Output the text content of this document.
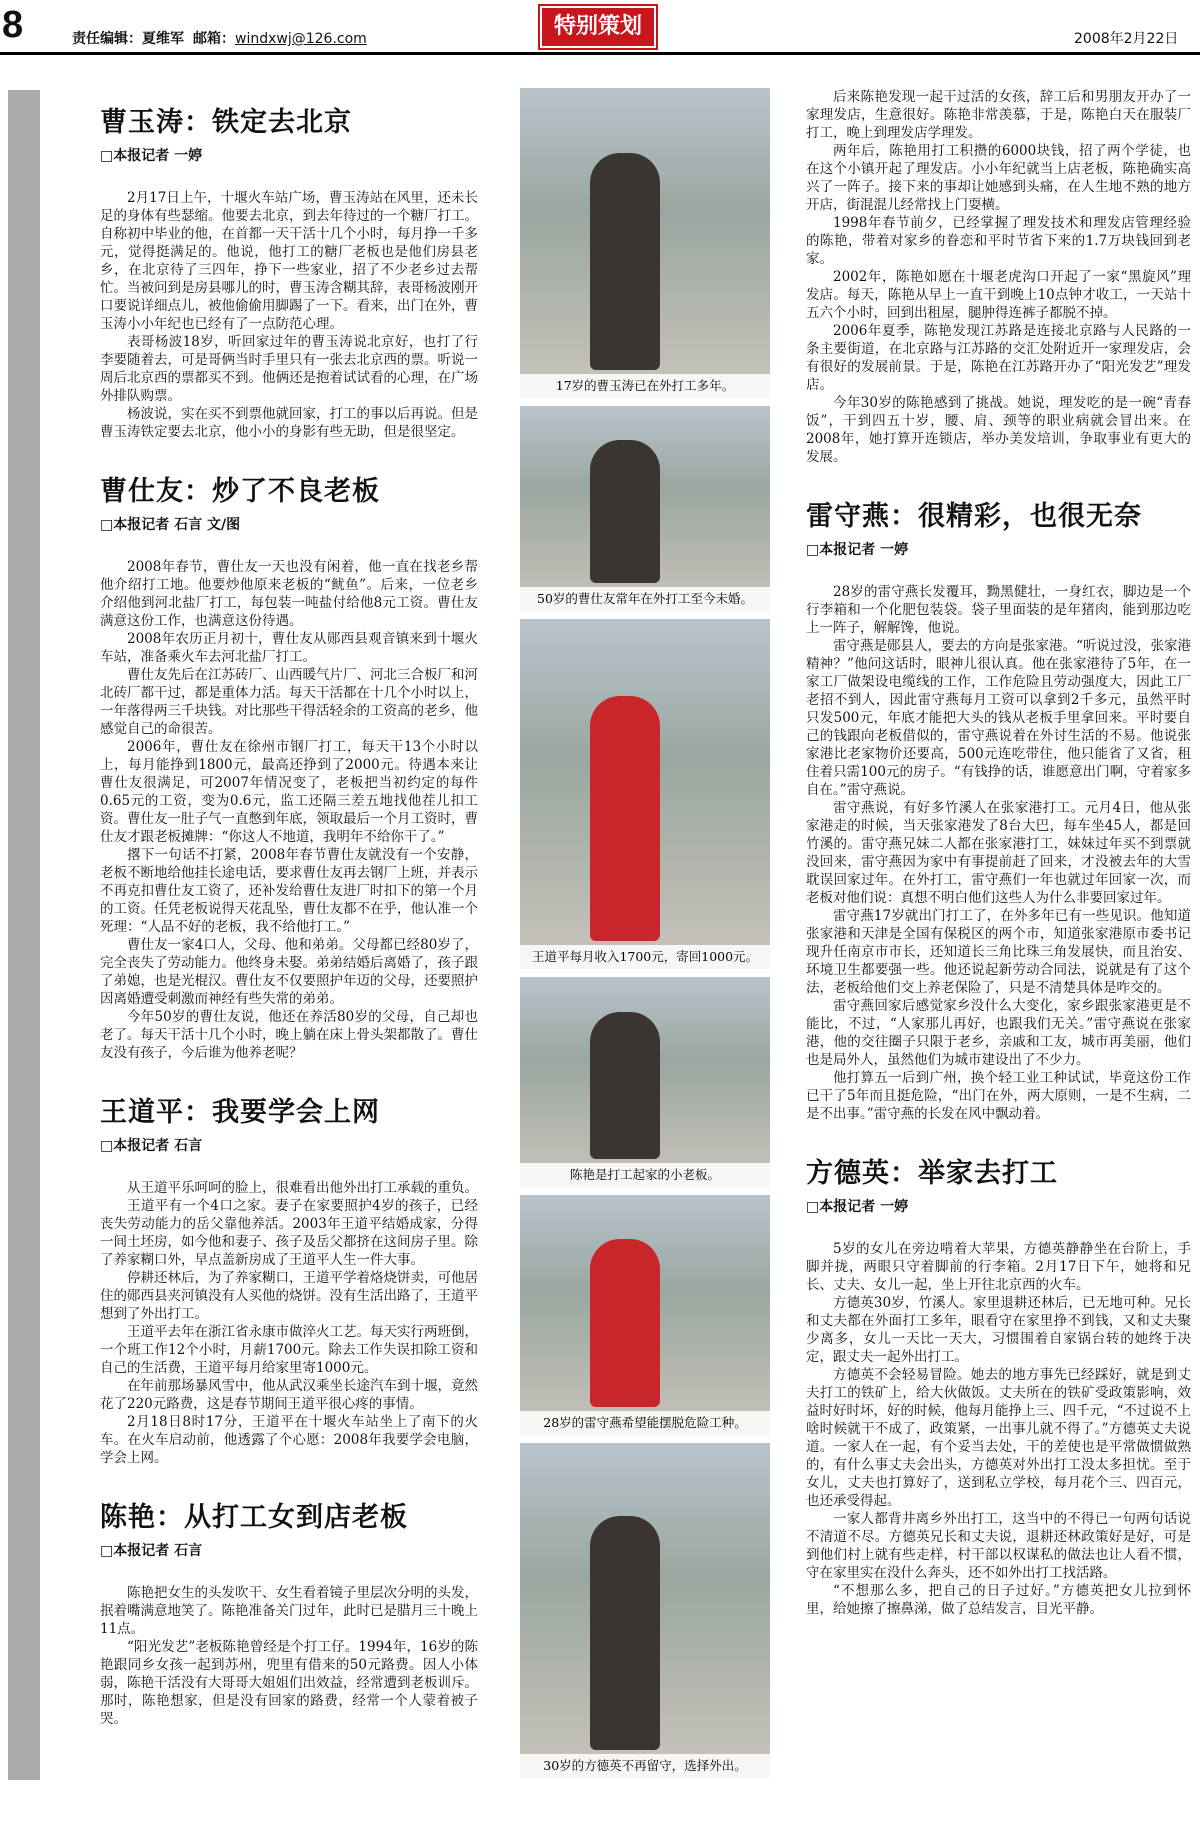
8	责任编辑：夏维军 邮箱：windxwj@126.com	特别策划	2008年2月22日
曹玉涛：铁定去北京
□本报记者 一婷

2月17日上午，十堰火车站广场，曹玉涛站在风里，还未长足的身体有些瑟缩。他要去北京，到去年待过的一个糖厂打工。自称初中毕业的他，在首都一天干活十几个小时，每月挣一千多元，觉得挺满足的。他说，他打工的糖厂老板也是他们房县老乡，在北京待了三四年，挣下一些家业，招了不少老乡过去帮忙。当被问到是房县哪儿的时，曹玉涛含糊其辞，表哥杨波刚开口要说详细点儿，被他偷偷用脚踢了一下。看来，出门在外，曹玉涛小小年纪也已经有了一点防范心理。

表哥杨波18岁，听回家过年的曹玉涛说北京好，也打了行李要随着去，可是哥俩当时手里只有一张去北京西的票。听说一周后北京西的票都买不到。他俩还是抱着试试看的心理，在广场外排队购票。

杨波说，实在买不到票他就回家，打工的事以后再说。但是曹玉涛铁定要去北京，他小小的身影有些无助，但是很坚定。

曹仕友：炒了不良老板
□本报记者 石言 文/图

2008年春节，曹仕友一天也没有闲着，他一直在找老乡帮他介绍打工地。他要炒他原来老板的“鱿鱼”。后来，一位老乡介绍他到河北盐厂打工，每包装一吨盐付给他8元工资。曹仕友满意这份工作，也满意这份待遇。

2008年农历正月初十，曹仕友从郧西县观音镇来到十堰火车站，准备乘火车去河北盐厂打工。

曹仕友先后在江苏砖厂、山西暖气片厂、河北三合板厂和河北砖厂都干过，都是重体力活。每天干活都在十几个小时以上，一年落得两三千块钱。对比那些干得活轻余的工资高的老乡，他感觉自己的命很苦。

2006年，曹仕友在徐州市钢厂打工，每天干13个小时以上，每月能挣到1800元，最高还挣到了2000元。待遇本来让曹仕友很满足，可2007年情况变了，老板把当初约定的每件0.65元的工资，变为0.6元，监工还隔三差五地找他茬儿扣工资。曹仕友一肚子气一直憋到年底，领取最后一个月工资时，曹仕友才跟老板摊牌：“你这人不地道，我明年不给你干了。”

撂下一句话不打紧，2008年春节曹仕友就没有一个安静，老板不断地给他挂长途电话，要求曹仕友再去钢厂上班，并表示不再克扣曹仕友工资了，还补发给曹仕友进厂时扣下的第一个月的工资。任凭老板说得天花乱坠，曹仕友都不在乎，他认准一个死理：“人品不好的老板，我不给他打工。”

曹仕友一家4口人，父母、他和弟弟。父母都已经80岁了，完全丧失了劳动能力。他终身未娶。弟弟结婚后离婚了，孩子跟了弟媳，也是光棍汉。曹仕友不仅要照护年迈的父母，还要照护因离婚遭受刺激而神经有些失常的弟弟。

今年50岁的曹仕友说，他还在养活80岁的父母，自己却也老了。每天干活十几个小时，晚上躺在床上骨头架都散了。曹仕友没有孩子，今后谁为他养老呢？

王道平：我要学会上网
□本报记者 石言

从王道平乐呵呵的脸上，很难看出他外出打工承载的重负。

王道平有一个4口之家。妻子在家要照护4岁的孩子，已经丧失劳动能力的岳父靠他养活。2003年王道平结婚成家，分得一间土坯房，如今他和妻子、孩子及岳父都挤在这间房子里。除了养家糊口外，早点盖新房成了王道平人生一件大事。

停耕还林后，为了养家糊口，王道平学着烙烧饼卖，可他居住的郧西县夹河镇没有人买他的烧饼。没有生活出路了，王道平想到了外出打工。

王道平去年在浙江省永康市做淬火工艺。每天实行两班倒，一个班工作12个小时，月薪1700元。除去工作失误扣除工资和自己的生活费，王道平每月给家里寄1000元。

在年前那场暴风雪中，他从武汉乘坐长途汽车到十堰，竟然花了220元路费，这是春节期间王道平很心疼的事情。

2月18日8时17分，王道平在十堰火车站坐上了南下的火车。在火车启动前，他透露了个心愿：2008年我要学会电脑，学会上网。

陈艳：从打工女到店老板
□本报记者 石言

陈艳把女生的头发吹干、女生看着镜子里层次分明的头发，抿着嘴满意地笑了。陈艳准备关门过年，此时已是腊月三十晚上11点。

“阳光发艺”老板陈艳曾经是个打工仔。1994年，16岁的陈艳跟同乡女孩一起到苏州，兜里有借来的50元路费。因人小体弱，陈艳干活没有大哥哥大姐姐们出效益，经常遭到老板训斥。那时，陈艳想家，但是没有回家的路费，经常一个人蒙着被子哭。

17岁的曹玉涛已在外打工多年。
50岁的曹仕友常年在外打工至今未婚。
王道平每月收入1700元，寄回1000元。
陈艳是打工起家的小老板。
28岁的雷守燕希望能摆脱危险工种。
30岁的方德英不再留守，选择外出。

后来陈艳发现一起干过活的女孩，辞工后和男朋友开办了一家理发店，生意很好。陈艳非常羡慕，于是，陈艳白天在服装厂打工，晚上到理发店学理发。

两年后，陈艳用打工积攒的6000块钱，招了两个学徒，也在这个小镇开起了理发店。小小年纪就当上店老板，陈艳确实高兴了一阵子。接下来的事却让她感到头痛，在人生地不熟的地方开店，街混混儿经常找上门耍横。

1998年春节前夕，已经掌握了理发技术和理发店管理经验的陈艳，带着对家乡的眷恋和平时节省下来的1.7万块钱回到老家。

2002年，陈艳如愿在十堰老虎沟口开起了一家“黑旋风”理发店。每天，陈艳从早上一直干到晚上10点钟才收工，一天站十五六个小时，回到出租屋，腿肿得连裤子都脱不掉。

2006年夏季，陈艳发现江苏路是连接北京路与人民路的一条主要街道，在北京路与江苏路的交汇处附近开一家理发店，会有很好的发展前景。于是，陈艳在江苏路开办了“阳光发艺”理发店。

今年30岁的陈艳感到了挑战。她说，理发吃的是一碗“青春饭”，干到四五十岁，腰、肩、颈等的职业病就会冒出来。在2008年，她打算开连锁店，举办美发培训，争取事业有更大的发展。

雷守燕：很精彩，也很无奈
□本报记者 一婷

28岁的雷守燕长发覆耳，黝黑健壮，一身红衣，脚边是一个行李箱和一个化肥包装袋。袋子里面装的是年猪肉，能到那边吃上一阵子，解解馋，他说。

雷守燕是郧县人，要去的方向是张家港。“听说过没，张家港精神？”他问这话时，眼神儿很认真。他在张家港待了5年，在一家工厂做架设电缆线的工作，工作危险且劳动强度大，因此工厂老招不到人，因此雷守燕每月工资可以拿到2千多元，虽然平时只发500元，年底才能把大头的钱从老板手里拿回来。平时要自己的钱跟向老板借似的，雷守燕说着在外讨生活的不易。他说张家港比老家物价还要高，500元连吃带住，他只能省了又省，租住着只需100元的房子。“有钱挣的话，谁愿意出门啊，守着家多自在。”雷守燕说。

雷守燕说，有好多竹溪人在张家港打工。元月4日，他从张家港走的时候，当天张家港发了8台大巴，每车坐45人，都是回竹溪的。雷守燕兄妹二人都在张家港打工，妹妹过年买不到票就没回来，雷守燕因为家中有事提前赶了回来，才没被去年的大雪耽误回家过年。在外打工，雷守燕们一年也就过年回家一次，而老板对他们说：真想不明白他们这些人为什么非要回家过年。

雷守燕17岁就出门打工了，在外多年已有一些见识。他知道张家港和天津是全国有保税区的两个市，知道张家港原市委书记现升任南京市市长，还知道长三角比珠三角发展快，而且治安、环境卫生都要强一些。他还说起新劳动合同法，说就是有了这个法，老板给他们交上养老保险了，只是不清楚具体是咋交的。

雷守燕回家后感觉家乡没什么大变化，家乡跟张家港更是不能比，不过，“人家那儿再好，也跟我们无关。”雷守燕说在张家港，他的交往圈子只限于老乡，亲戚和工友，城市再美丽，他们也是局外人，虽然他们为城市建设出了不少力。

他打算五一后到广州，换个轻工业工种试试，毕竟这份工作已干了5年而且挺危险，“出门在外，两大原则，一是不生病，二是不出事。”雷守燕的长发在风中飘动着。

方德英：举家去打工
□本报记者 一婷

5岁的女儿在旁边啃着大苹果，方德英静静坐在台阶上，手脚并拢，两眼只守着脚前的行李箱。2月17日下午，她将和兄长、丈夫、女儿一起，坐上开往北京西的火车。

方德英30岁，竹溪人。家里退耕还林后，已无地可种。兄长和丈夫都在外面打工多年，眼看守在家里挣不到钱，又和丈夫聚少离多，女儿一天比一天大，习惯围着自家锅台转的她终于决定，跟丈夫一起外出打工。

方德英不会轻易冒险。她去的地方事先已经踩好，就是到丈夫打工的铁矿上，给大伙做饭。丈夫所在的铁矿受政策影响，效益时好时坏，好的时候，他每月能挣上三、四千元，“不过说不上啥时候就干不成了，政策紧，一出事儿就不得了。”方德英丈夫说道。一家人在一起，有个妥当去处，干的差使也是平常做惯做熟的，有什么事丈夫会出头，方德英对外出打工没太多担忧。至于女儿，丈夫也打算好了，送到私立学校，每月花个三、四百元，也还承受得起。

一家人都背井离乡外出打工，这当中的不得已一句两句话说不清道不尽。方德英兄长和丈夫说，退耕还林政策好是好，可是到他们村上就有些走样，村干部以权谋私的做法也让人看不惯，守在家里实在没什么奔头，还不如外出打工找活路。

“不想那么多，把自己的日子过好。”方德英把女儿拉到怀里，给她擦了擦鼻涕，做了总结发言，目光平静。
